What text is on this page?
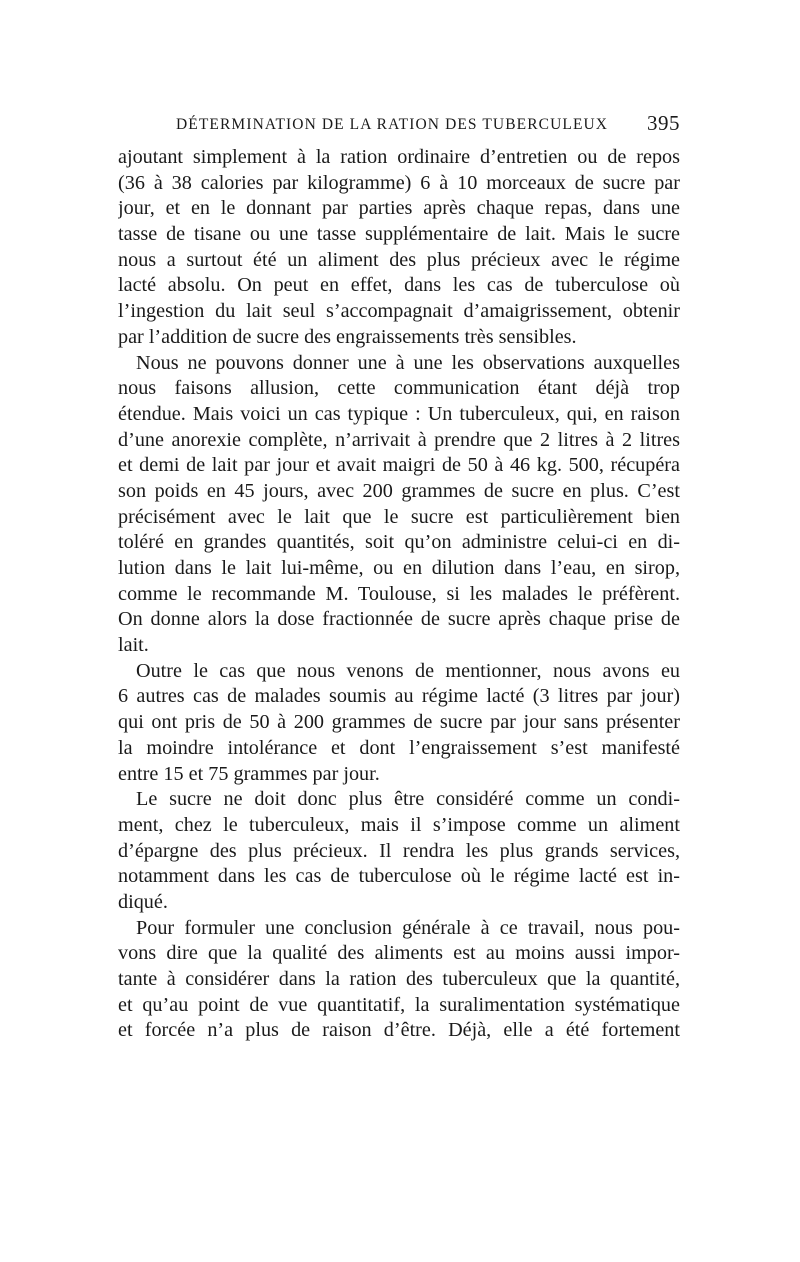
DÉTERMINATION DE LA RATION DES TUBERCULEUX 395
ajoutant simplement à la ration ordinaire d’entretien ou de repos
(36 à 38 calories par kilogramme) 6 à 10 morceaux de sucre par
jour, et en le donnant par parties après chaque repas, dans une
tasse de tisane ou une tasse supplémentaire de lait. Mais le sucre
nous a surtout été un aliment des plus précieux avec le régime
lacté absolu. On peut en effet, dans les cas de tuberculose où
l’ingestion du lait seul s’accompagnait d’amaigrissement, obtenir
par l’addition de sucre des engraissements très sensibles.
Nous ne pouvons donner une à une les observations auxquelles
nous faisons allusion, cette communication étant déjà trop
étendue. Mais voici un cas typique : Un tuberculeux, qui, en raison
d’une anorexie complète, n’arrivait à prendre que 2 litres à 2 litres
et demi de lait par jour et avait maigri de 50 à 46 kg. 500, récupéra
son poids en 45 jours, avec 200 grammes de sucre en plus. C’est
précisément avec le lait que le sucre est particulièrement bien
toléré en grandes quantités, soit qu’on administre celui-ci en di-
lution dans le lait lui-même, ou en dilution dans l’eau, en sirop,
comme le recommande M. Toulouse, si les malades le préfèrent.
On donne alors la dose fractionnée de sucre après chaque prise de
lait.
Outre le cas que nous venons de mentionner, nous avons eu
6 autres cas de malades soumis au régime lacté (3 litres par jour)
qui ont pris de 50 à 200 grammes de sucre par jour sans présenter
la moindre intolérance et dont l’engraissement s’est manifesté
entre 15 et 75 grammes par jour.
Le sucre ne doit donc plus être considéré comme un condi-
ment, chez le tuberculeux, mais il s’impose comme un aliment
d’épargne des plus précieux. Il rendra les plus grands services,
notamment dans les cas de tuberculose où le régime lacté est in-
diqué.
Pour formuler une conclusion générale à ce travail, nous pou-
vons dire que la qualité des aliments est au moins aussi impor-
tante à considérer dans la ration des tuberculeux que la quantité,
et qu’au point de vue quantitatif, la suralimentation systématique
et forcée n’a plus de raison d’être. Déjà, elle a été fortement
